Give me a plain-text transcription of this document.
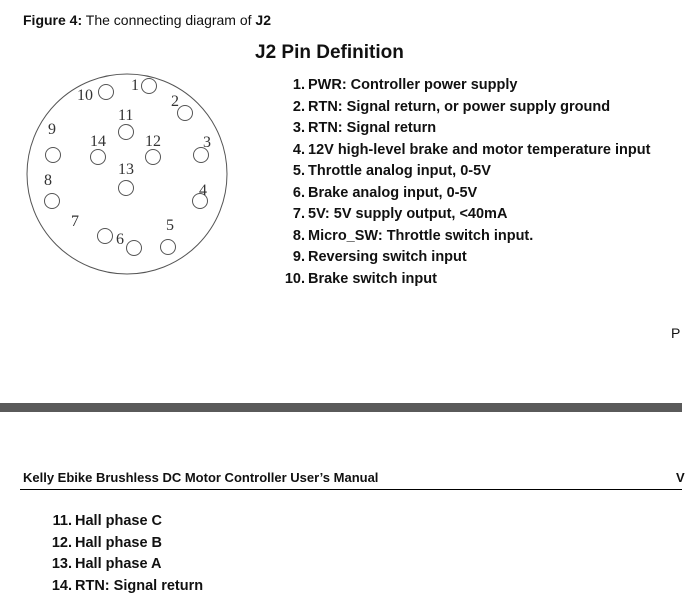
Figure 4: The connecting diagram of J2
1
2
3
4
5
6
7
8
9
10
11
12
13
14
J2 Pin Definition
1. PWR: Controller power supply
2. RTN: Signal return, or power supply ground
3. RTN: Signal return
4. 12V high-level brake and motor temperature input
5. Throttle analog input, 0-5V
6. Brake analog input, 0-5V
7. 5V: 5V supply output, <40mA
8. Micro_SW: Throttle switch input.
9. Reversing switch input
10. Brake switch input
P
Kelly Ebike Brushless DC Motor Controller User’s Manual	V
11. Hall phase C
12. Hall phase B
13. Hall phase A
14. RTN: Signal return
